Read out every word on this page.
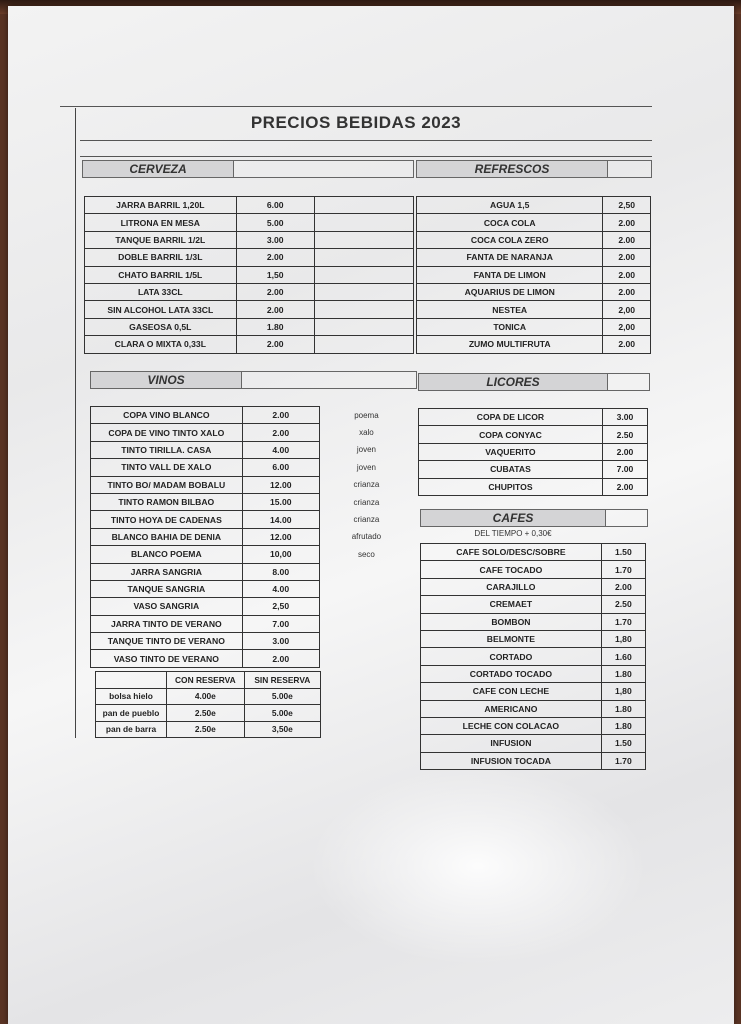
PRECIOS BEBIDAS 2023
CERVEZA
JARRA BARRIL 1,20L	6.00	
LITRONA EN MESA	5.00	
TANQUE BARRIL 1/2L	3.00	
DOBLE BARRIL 1/3L	2.00	
CHATO BARRIL 1/5L	1,50	
LATA 33CL	2.00	
SIN ALCOHOL LATA 33CL	2.00	
GASEOSA 0,5L	1.80	
CLARA O MIXTA 0,33L	2.00	
REFRESCOS
AGUA 1,5	2,50
COCA COLA	2.00
COCA COLA ZERO	2.00
FANTA DE NARANJA	2.00
FANTA DE LIMON	2.00
AQUARIUS DE LIMON	2.00
NESTEA	2,00
TONICA	2,00
ZUMO MULTIFRUTA	2.00
VINOS
COPA VINO BLANCO	2.00	poema
COPA DE VINO TINTO XALO	2.00	xalo
TINTO TIRILLA. CASA	4.00	joven
TINTO VALL DE XALO	6.00	joven
TINTO BO/ MADAM BOBALU	12.00	crianza
TINTO RAMON BILBAO	15.00	crianza
TINTO HOYA DE CADENAS	14.00	crianza
BLANCO BAHIA DE DENIA	12.00	afrutado
BLANCO POEMA	10,00	seco
JARRA SANGRIA	8.00	
TANQUE SANGRIA	4.00	
VASO SANGRIA	2,50	
JARRA TINTO DE VERANO	7.00	
TANQUE TINTO DE VERANO	3.00	
VASO TINTO DE VERANO	2.00	
LICORES
COPA DE LICOR	3.00
COPA CONYAC	2.50
VAQUERITO	2.00
CUBATAS	7.00
CHUPITOS	2.00
CAFES
DEL TIEMPO + 0,30€
CAFE SOLO/DESC/SOBRE	1.50
CAFE TOCADO	1.70
CARAJILLO	2.00
CREMAET	2.50
BOMBON	1.70
BELMONTE	1,80
CORTADO	1.60
CORTADO TOCADO	1.80
CAFE CON LECHE	1,80
AMERICANO	1.80
LECHE CON COLACAO	1.80
INFUSION	1.50
INFUSION TOCADA	1.70
	CON RESERVA	SIN RESERVA
bolsa hielo	4.00e	5.00e
pan de pueblo	2.50e	5.00e
pan de barra	2.50e	3,50e
